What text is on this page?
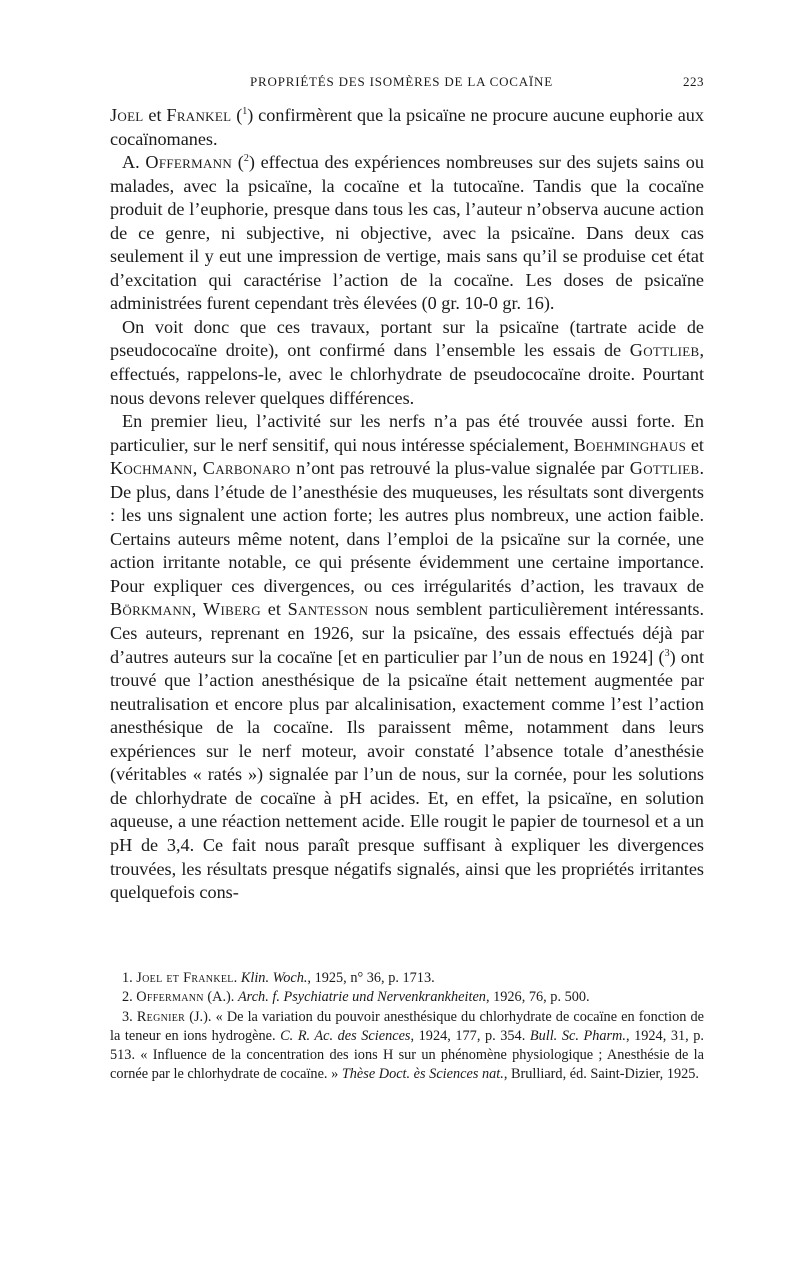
PROPRIÉTÉS DES ISOMÈRES DE LA COCAÏNE	223

Joel et Frankel ($^1$) confirmèrent que la psicaïne ne procure aucune euphorie aux cocaïnomanes.

A. Offermann ($^2$) effectua des expériences nombreuses sur des sujets sains ou malades, avec la psicaïne, la cocaïne et la tutocaïne. Tandis que la cocaïne produit de l’euphorie, presque dans tous les cas, l’auteur n’observa aucune action de ce genre, ni subjective, ni objective, avec la psicaïne. Dans deux cas seulement il y eut une impression de vertige, mais sans qu’il se produise cet état d’excitation qui caractérise l’action de la cocaïne. Les doses de psicaïne administrées furent cependant très élevées (0 gr. 10-0 gr. 16).

On voit donc que ces travaux, portant sur la psicaïne (tartrate acide de pseudococaïne droite), ont confirmé dans l’ensemble les essais de Gottlieb, effectués, rappelons-le, avec le chlorhydrate de pseudococaïne droite. Pourtant nous devons relever quelques différences.

En premier lieu, l’activité sur les nerfs n’a pas été trouvée aussi forte. En particulier, sur le nerf sensitif, qui nous intéresse spécialement, Boehminghaus et Kochmann, Carbonaro n’ont pas retrouvé la plus-value signalée par Gottlieb. De plus, dans l’étude de l’anesthésie des muqueuses, les résultats sont divergents : les uns signalent une action forte; les autres plus nombreux, une action faible. Certains auteurs même notent, dans l’emploi de la psicaïne sur la cornée, une action irritante notable, ce qui présente évidemment une certaine importance. Pour expliquer ces divergences, ou ces irrégularités d’action, les travaux de Börkmann, Wiberg et Santesson nous semblent particulièrement intéressants. Ces auteurs, reprenant en 1926, sur la psicaïne, des essais effectués déjà par d’autres auteurs sur la cocaïne [et en particulier par l’un de nous en 1924] ($^3$) ont trouvé que l’action anesthésique de la psicaïne était nettement augmentée par neutralisation et encore plus par alcalinisation, exactement comme l’est l’action anesthésique de la cocaïne. Ils paraissent même, notamment dans leurs expériences sur le nerf moteur, avoir constaté l’absence totale d’anesthésie (véritables « ratés ») signalée par l’un de nous, sur la cornée, pour les solutions de chlorhydrate de cocaïne à pH acides. Et, en effet, la psicaïne, en solution aqueuse, a une réaction nettement acide. Elle rougit le papier de tournesol et a un pH de 3,4. Ce fait nous paraît presque suffisant à expliquer les divergences trouvées, les résultats presque négatifs signalés, ainsi que les propriétés irritantes quelquefois cons-

1. Joel et Frankel. Klin. Woch., 1925, n° 36, p. 1713.

2. Offermann (A.). Arch. f. Psychiatrie und Nervenkrankheiten, 1926, 76, p. 500.

3. Regnier (J.). « De la variation du pouvoir anesthésique du chlorhydrate de cocaïne en fonction de la teneur en ions hydrogène. C. R. Ac. des Sciences, 1924, 177, p. 354. Bull. Sc. Pharm., 1924, 31, p. 513. « Influence de la concentration des ions H sur un phénomène physiologique ; Anesthésie de la cornée par le chlorhydrate de cocaïne. » Thèse Doct. ès Sciences nat., Brulliard, éd. Saint-Dizier, 1925.
